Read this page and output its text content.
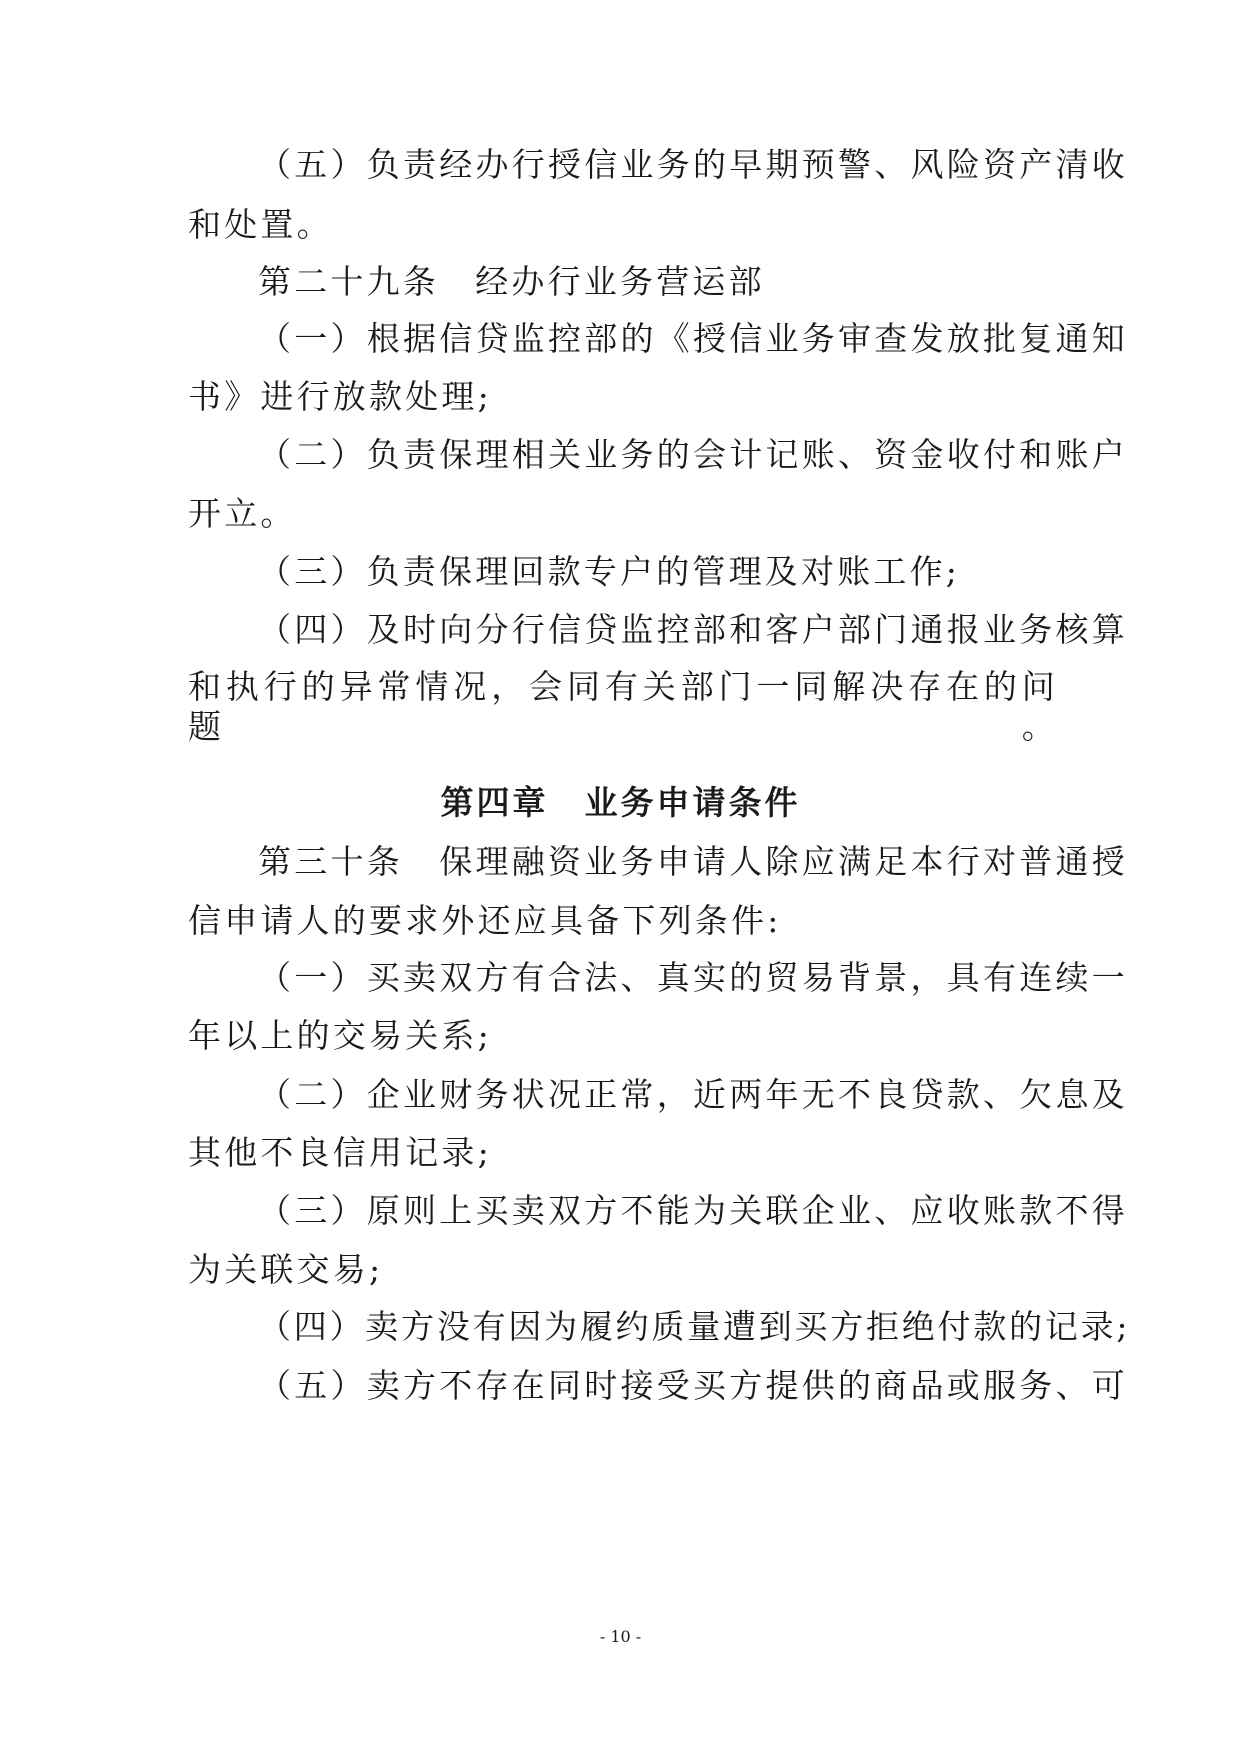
（五）负责经办行授信业务的早期预警、风险资产清收
和处置。
第二十九条　经办行业务营运部
（一）根据信贷监控部的《授信业务审查发放批复通知
书》进行放款处理;
（二）负责保理相关业务的会计记账、资金收付和账户
开立。
（三）负责保理回款专户的管理及对账工作;
（四）及时向分行信贷监控部和客户部门通报业务核算
和执行的异常情况，会同有关部门一同解决存在的问题。
第四章　业务申请条件
第三十条　保理融资业务申请人除应满足本行对普通授
信申请人的要求外还应具备下列条件:
（一）买卖双方有合法、真实的贸易背景，具有连续一
年以上的交易关系;
（二）企业财务状况正常，近两年无不良贷款、欠息及
其他不良信用记录;
（三）原则上买卖双方不能为关联企业、应收账款不得
为关联交易;
（四）卖方没有因为履约质量遭到买方拒绝付款的记录;
（五）卖方不存在同时接受买方提供的商品或服务、可
- 10 -
